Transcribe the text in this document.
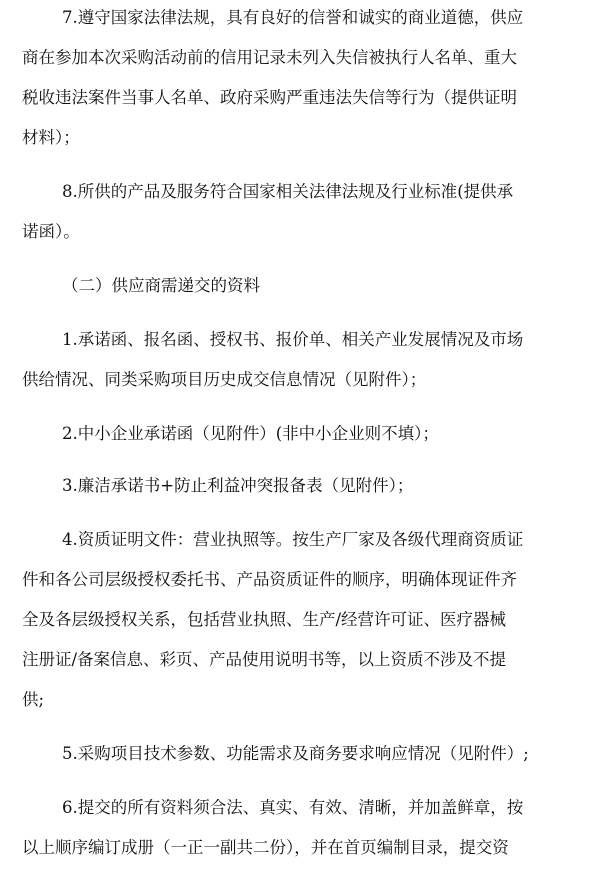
7.遵守国家法律法规，具有良好的信誉和诚实的商业道德，供应
商在参加本次采购活动前的信用记录未列入失信被执行人名单、重大
税收违法案件当事人名单、政府采购严重违法失信等行为（提供证明
材料）；
8.所供的产品及服务符合国家相关法律法规及行业标准(提供承
诺函）。
（二）供应商需递交的资料
1.承诺函、报名函、授权书、报价单、相关产业发展情况及市场
供给情况、同类采购项目历史成交信息情况（见附件）；
2.中小企业承诺函（见附件）(非中小企业则不填）；
3.廉洁承诺书+防止利益冲突报备表（见附件）；
4.资质证明文件：营业执照等。按生产厂家及各级代理商资质证
件和各公司层级授权委托书、产品资质证件的顺序，明确体现证件齐
全及各层级授权关系，包括营业执照、生产/经营许可证、医疗器械
注册证/备案信息、彩页、产品使用说明书等，以上资质不涉及不提
供;
5.采购项目技术参数、功能需求及商务要求响应情况（见附件）;
6.提交的所有资料须合法、真实、有效、清晰，并加盖鲜章，按
以上顺序编订成册（一正一副共二份），并在首页编制目录，提交资
